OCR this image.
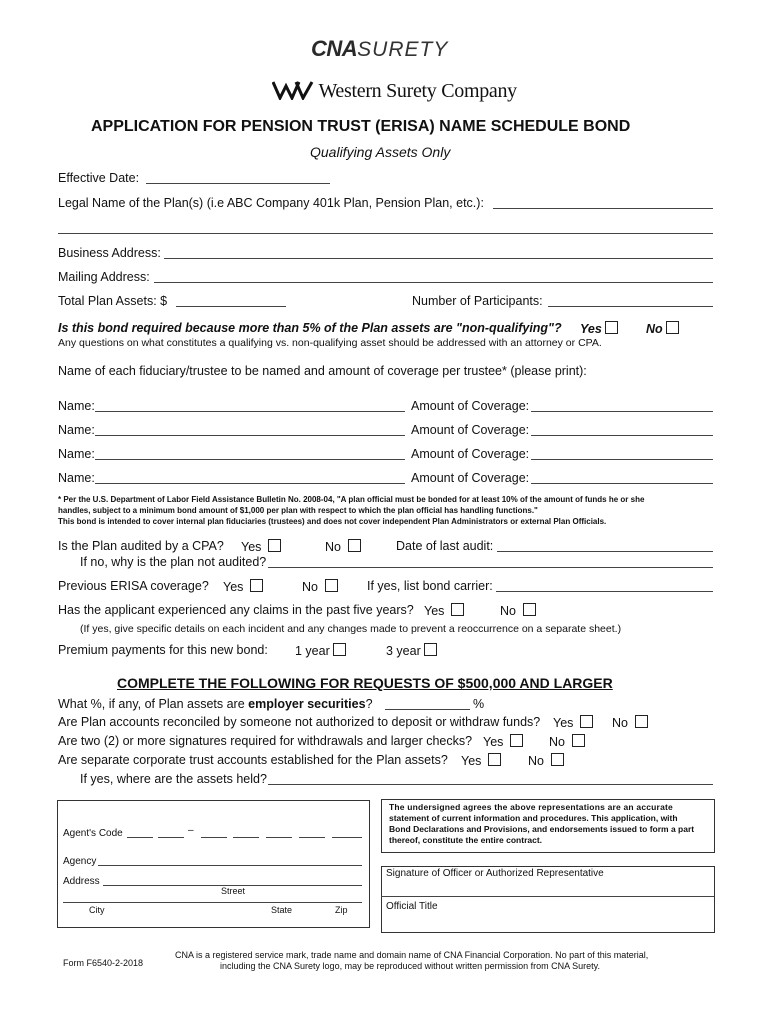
CNASURETY
Western Surety Company
APPLICATION FOR PENSION TRUST (ERISA) NAME SCHEDULE BOND
Qualifying Assets Only
Effective Date:
Legal Name of the Plan(s) (i.e ABC Company 401k Plan, Pension Plan, etc.):
Business Address:
Mailing Address:
Total Plan Assets: $	Number of Participants:
Is this bond required because more than 5% of the Plan assets are "non-qualifying"? Yes	No
Any questions on what constitutes a qualifying vs. non-qualifying asset should be addressed with an attorney or CPA.
Name of each fiduciary/trustee to be named and amount of coverage per trustee* (please print):
Name:	Amount of Coverage:
Name:	Amount of Coverage:
Name:	Amount of Coverage:
Name:	Amount of Coverage:
* Per the U.S. Department of Labor Field Assistance Bulletin No. 2008-04, "A plan official must be bonded for at least 10% of the amount of funds he or she
handles, subject to a minimum bond amount of $1,000 per plan with respect to which the plan official has handling functions."
This bond is intended to cover internal plan fiduciaries (trustees) and does not cover independent Plan Administrators or external Plan Officials.
Is the Plan audited by a CPA? Yes	No	Date of last audit:
If no, why is the plan not audited?
Previous ERISA coverage? Yes	No	If yes, list bond carrier:
Has the applicant experienced any claims in the past five years? Yes	No
(If yes, give specific details on each incident and any changes made to prevent a reoccurrence on a separate sheet.)
Premium payments for this new bond: 1 year	3 year
COMPLETE THE FOLLOWING FOR REQUESTS OF $500,000 AND LARGER
What %, if any, of Plan assets are employer securities?	%
Are Plan accounts reconciled by someone not authorized to deposit or withdraw funds? Yes	No
Are two (2) or more signatures required for withdrawals and larger checks? Yes	No
Are separate corporate trust accounts established for the Plan assets? Yes	No
If yes, where are the assets held?
Agent's Code	–
Agency
Address
Street
City	State	Zip
The undersigned agrees the above representations are an accurate
statement of current information and procedures. This application, with
Bond Declarations and Provisions, and endorsements issued to form a part
thereof, constitute the entire contract.
Signature of Officer or Authorized Representative
Official Title
Form F6540-2-2018
CNA is a registered service mark, trade name and domain name of CNA Financial Corporation. No part of this material,
including the CNA Surety logo, may be reproduced without written permission from CNA Surety.
